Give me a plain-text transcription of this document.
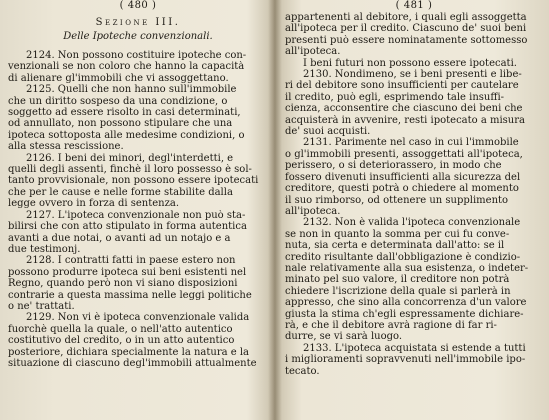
( 480 )
Sezione III.
Delle Ipoteche convenzionali.

2124. Non possono costituire ipoteche con-
venzionali se non coloro che hanno la capacità
di alienare gl'immobili che vi assoggettano.

2125. Quelli che non hanno sull'immobile
che un diritto sospeso da una condizione, o
soggetto ad essere risolto in casi determinati,
od annullato, non possono stipulare che una
ipoteca sottoposta alle medesime condizioni, o
alla stessa rescissione.

2126. I beni dei minori, degl'interdetti, e
quelli degli assenti, finchè il loro possesso è sol-
tanto provvisionale, non possono essere ipotecati
che per le cause e nelle forme stabilite dalla
legge ovvero in forza di sentenza.

2127. L'ipoteca convenzionale non può sta-
bilirsi che con atto stipulato in forma autentica
avanti a due notai, o avanti ad un notajo e a
due testimonj.

2128. I contratti fatti in paese estero non
possono produrre ipoteca sui beni esistenti nel
Regno, quando però non vi siano disposizioni
contrarie a questa massima nelle leggi politiche
o ne' trattati.

2129. Non vi è ipoteca convenzionale valida
fuorchè quella la quale, o nell'atto autentico
costitutivo del credito, o in un atto autentico
posteriore, dichiara specialmente la natura e la
situazione di ciascuno degl'immobili attualmente

( 481 )

appartenenti al debitore, i quali egli assoggetta
all'ipoteca per il credito. Ciascuno de' suoi beni
presenti può essere nominatamente sottomesso
all'ipoteca.

I beni futuri non possono essere ipotecati.

2130. Nondimeno, se i beni presenti e libe-
ri del debitore sono insufficienti per cautelare
il credito, può egli, esprimendo tale insuffi-
cienza, acconsentire che ciascuno dei beni che
acquisterà in avvenire, resti ipotecato a misura
de' suoi acquisti.

2131. Parimente nel caso in cui l'immobile
o gl'immobili presenti, assoggettati all'ipoteca,
perissero, o si deteriorassero, in modo che
fossero divenuti insufficienti alla sicurezza del
creditore, questi potrà o chiedere al momento
il suo rimborso, od ottenere un supplimento
all'ipoteca.

2132. Non è valida l'ipoteca convenzionale
se non in quanto la somma per cui fu conve-
nuta, sia certa e determinata dall'atto: se il
credito risultante dall'obbligazione è condizio-
nale relativamente alla sua esistenza, o indeter-
minato pel suo valore, il creditore non potrà
chiedere l'iscrizione della quale si parlerà in
appresso, che sino alla concorrenza d'un valore
giusta la stima ch'egli espressamente dichiare-
rà, e che il debitore avrà ragione di far ri-
durre, se vi sarà luogo.

2133. L'ipoteca acquistata si estende a tutti
i miglioramenti sopravvenuti nell'immobile ipo-
tecato.
